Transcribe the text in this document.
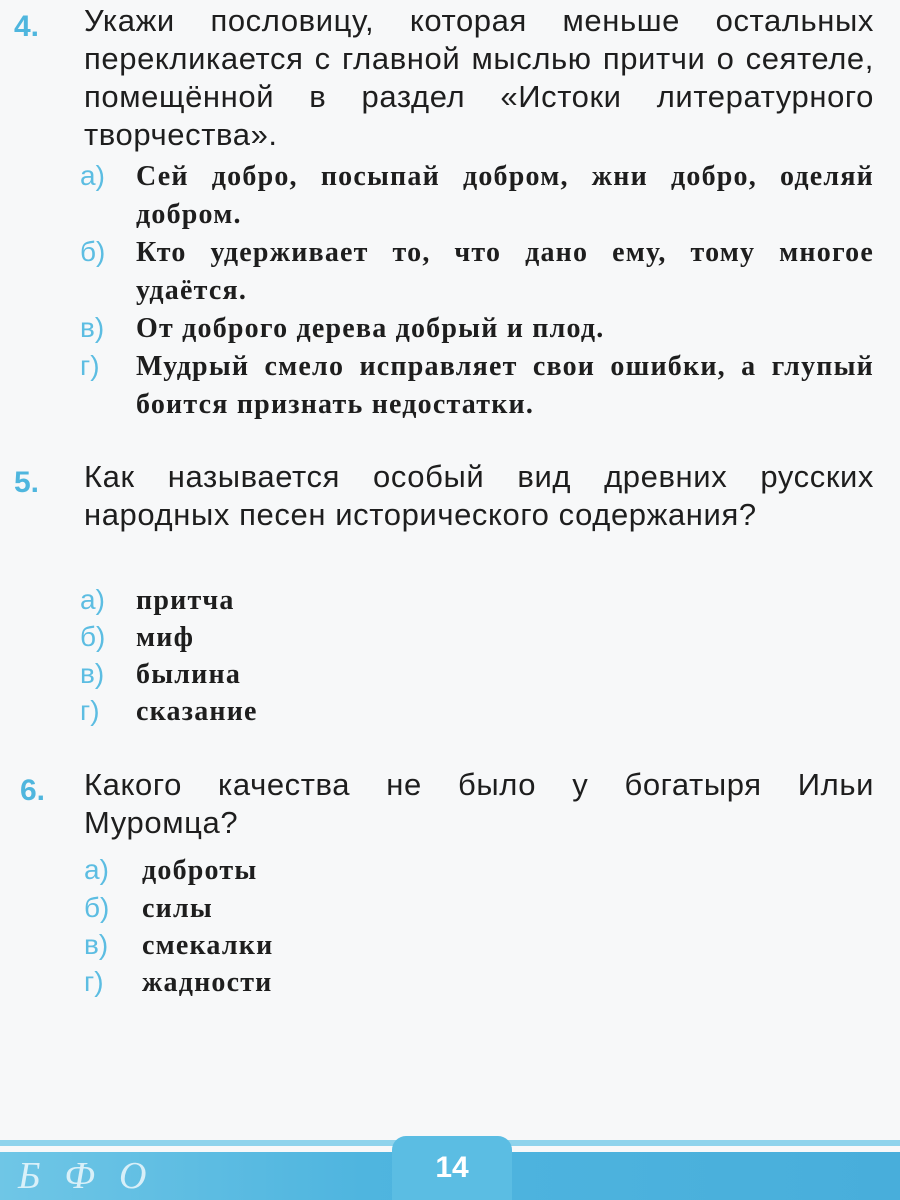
4. Укажи пословицу, которая меньше остальных перекликается с главной мыслью притчи о сеятеле, помещённой в раздел «Истоки литературного творчества».
а) Сей добро, посыпай добром, жни добро, оделяй добром.
б) Кто удерживает то, что дано ему, тому многое удаётся.
в) От доброго дерева добрый и плод.
г) Мудрый смело исправляет свои ошибки, а глупый боится признать недостатки.
5. Как называется особый вид древних русских народных песен исторического содержания?
а) притча
б) миф
в) былина
г) сказание
6. Какого качества не было у богатыря Ильи Муромца?
а) доброты
б) силы
в) смекалки
г) жадности
Б Ф О	14
